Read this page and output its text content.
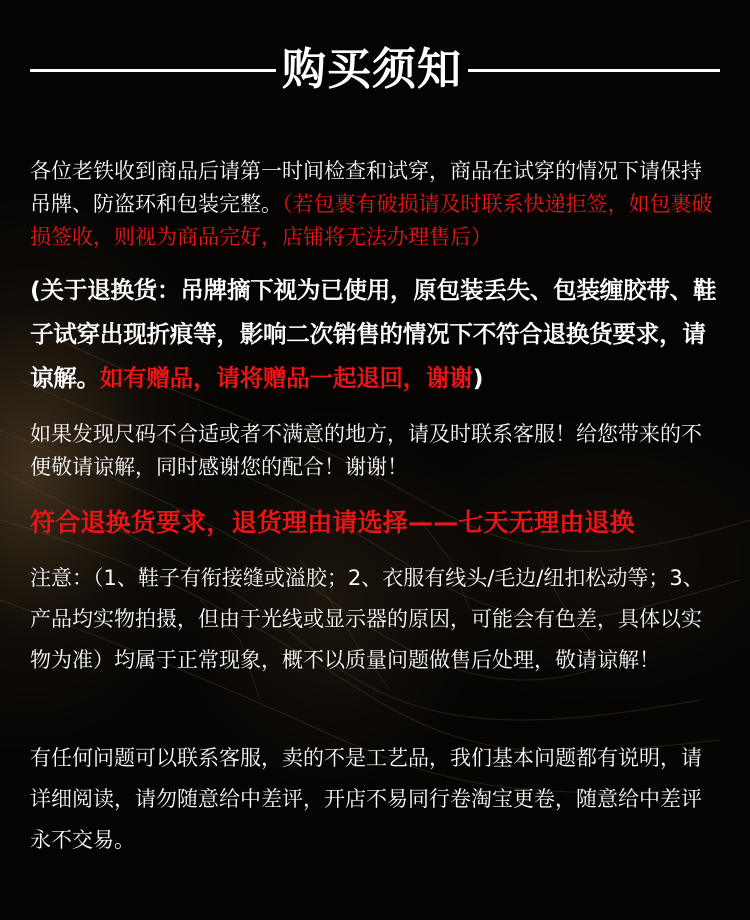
购买须知

各位老铁收到商品后请第一时间检查和试穿，商品在试穿的情况下请保持吊牌、防盗环和包装完整。（若包裹有破损请及时联系快递拒签，如包裹破损签收，则视为商品完好，店铺将无法办理售后）

(关于退换货：吊牌摘下视为已使用，原包装丢失、包装缠胶带、鞋子试穿出现折痕等，影响二次销售的情况下不符合退换货要求，请谅解。如有赠品，请将赠品一起退回，谢谢)

如果发现尺码不合适或者不满意的地方，请及时联系客服！给您带来的不便敬请谅解，同时感谢您的配合！谢谢！

符合退换货要求，退货理由请选择——七天无理由退换

注意：（1、鞋子有衔接缝或溢胶；2、衣服有线头/毛边/纽扣松动等；3、产品均实物拍摄，但由于光线或显示器的原因，可能会有色差，具体以实物为准）均属于正常现象，概不以质量问题做售后处理，敬请谅解！

有任何问题可以联系客服，卖的不是工艺品，我们基本问题都有说明，请详细阅读，请勿随意给中差评，开店不易同行卷淘宝更卷，随意给中差评永不交易。
